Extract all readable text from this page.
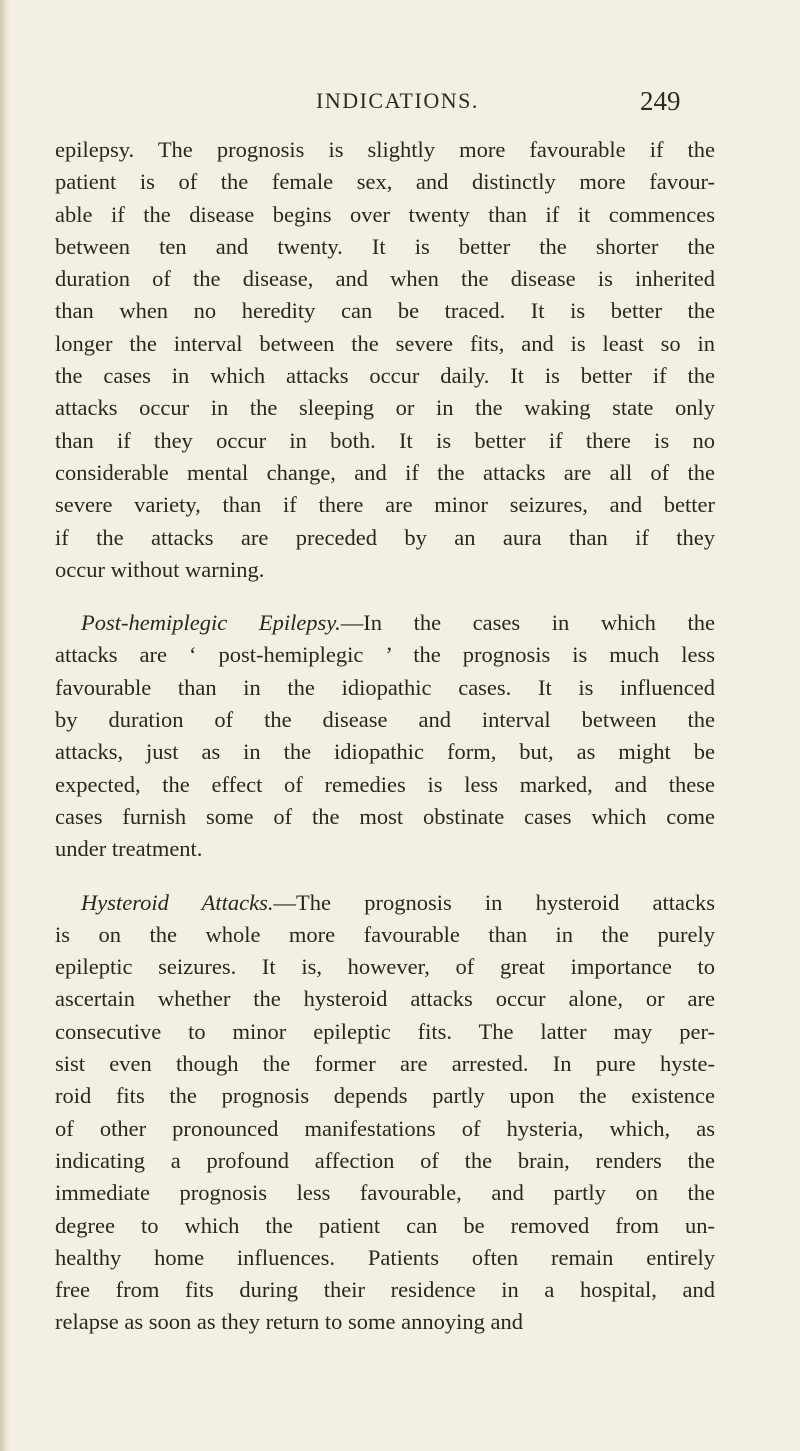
INDICATIONS.	249
epilepsy. The prognosis is slightly more favourable if the
patient is of the female sex, and distinctly more favour-
able if the disease begins over twenty than if it commences
between ten and twenty. It is better the shorter the
duration of the disease, and when the disease is inherited
than when no heredity can be traced. It is better the
longer the interval between the severe fits, and is least so in
the cases in which attacks occur daily. It is better if the
attacks occur in the sleeping or in the waking state only
than if they occur in both. It is better if there is no
considerable mental change, and if the attacks are all of the
severe variety, than if there are minor seizures, and better
if the attacks are preceded by an aura than if they
occur without warning.
Post-hemiplegic Epilepsy.—In the cases in which the
attacks are ‘ post-hemiplegic ’ the prognosis is much less
favourable than in the idiopathic cases. It is influenced
by duration of the disease and interval between the
attacks, just as in the idiopathic form, but, as might be
expected, the effect of remedies is less marked, and these
cases furnish some of the most obstinate cases which come
under treatment.
Hysteroid Attacks.—The prognosis in hysteroid attacks
is on the whole more favourable than in the purely
epileptic seizures. It is, however, of great importance to
ascertain whether the hysteroid attacks occur alone, or are
consecutive to minor epileptic fits. The latter may per-
sist even though the former are arrested. In pure hyste-
roid fits the prognosis depends partly upon the existence
of other pronounced manifestations of hysteria, which, as
indicating a profound affection of the brain, renders the
immediate prognosis less favourable, and partly on the
degree to which the patient can be removed from un-
healthy home influences. Patients often remain entirely
free from fits during their residence in a hospital, and
relapse as soon as they return to some annoying and
